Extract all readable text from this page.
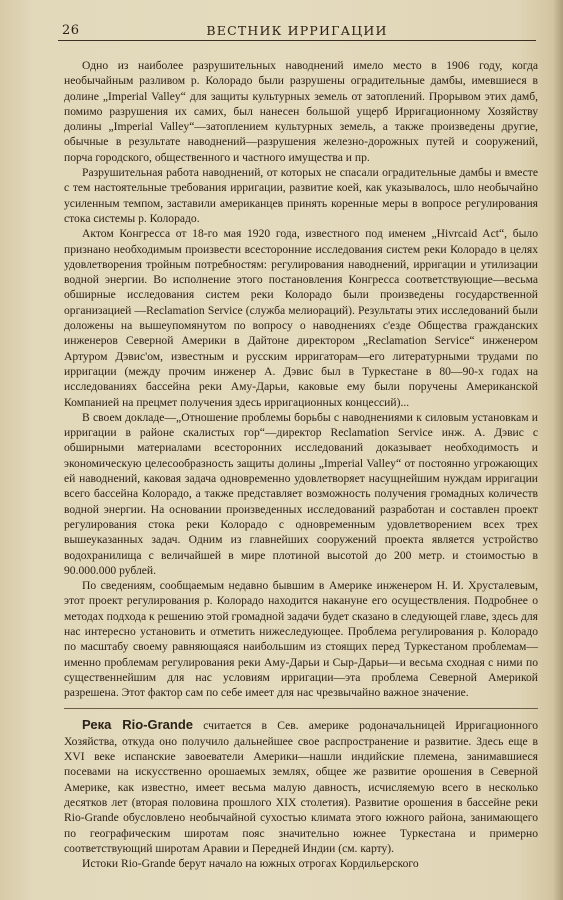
26	ВЕСТНИК ИРРИГАЦИИ

Одно из наиболее разрушительных наводнений имело место в 1906 году, когда необычайным разливом р. Колорадо были разрушены оградительные дамбы, имевшиеся в долине „Imperial Valley“ для защиты культурных земель от затоплений. Прорывом этих дамб, помимо разрушения их самих, был нанесен большой ущерб Ирригационному Хозяйству долины „Imperial Valley“—затоплением культурных земель, а также произведены другие, обычные в результате наводнений—разрушения железно-дорожных путей и сооружений, порча городского, общественного и частного имущества и пр.

Разрушительная работа наводнений, от которых не спасали оградительные дамбы и вместе с тем настоятельные требования ирригации, развитие коей, как указывалось, шло необычайно усиленным темпом, заставили американцев принять коренные меры в вопросе регулирования стока системы р. Колорадо.

Актом Конгресса от 18-го мая 1920 года, известного под именем „Hivrcaid Act“, было признано необходимым произвести всесторонние исследования систем реки Колорадо в целях удовлетворения тройным потребностям: регулирования наводнений, ирригации и утилизации водной энергии. Во исполнение этого постановления Конгресса соответствующие—весьма обширные исследования систем реки Колорадо были произведены государственной организацией —Reclamation Service (служба мелиораций). Результаты этих исследований были доложены на вышеупомянутом по вопросу о наводнениях с'езде Общества гражданских инженеров Северной Америки в Дайтоне директором „Reclamation Service“ инженером Артуром Дэвис'ом, известным и русским ирригаторам—его литературными трудами по ирригации (между прочим инженер А. Дэвис был в Туркестане в 80—90-х годах на исследованиях бассейна реки Аму-Дарьи, каковые ему были поручены Американской Компанией на прецмет получения здесь ирригационных концессий)...

В своем докладе—„Отношение проблемы борьбы с наводнениями к силовым установкам и ирригации в районе скалистых гор“—директор Reclamation Service инж. А. Дэвис с обширными материалами всесторонних исследований доказывает необходимость и экономическую целесообразность защиты долины „Imperial Valley“ от постоянно угрожающих ей наводнений, каковая задача одновременно удовлетворяет насущнейшим нуждам ирригации всего бассейна Колорадо, а также представляет возможность получения громадных количеств водной энергии. На основании произведенных исследований разработан и составлен проект регулирования стока реки Колорадо с одновременным удовлетворением всех трех вышеуказанных задач. Одним из главнейших сооружений проекта является устройство водохранилища с величайшей в мире плотиной высотой до 200 метр. и стоимостью в 90.000.000 рублей.

По сведениям, сообщаемым недавно бывшим в Америке инженером Н. И. Хрусталевым, этот проект регулирования р. Колорадо находится накануне его осуществления. Подробнее о методах подхода к решению этой громадной задачи будет сказано в следующей главе, здесь для нас интересно установить и отметить нижеследующее. Проблема регулирования р. Колорадо по масштабу своему равняющаяся наибольшим из стоящих перед Туркестаном проблемам—именно проблемам регулирования реки Аму-Дарьи и Сыр-Дарьи—и весьма сходная с ними по существеннейшим для нас условиям ирригации—эта проблема Северной Америкой разрешена. Этот фактор сам по себе имеет для нас чрезвычайно важное значение.

Река Rio-Grande считается в Сев. америке родоначальницей Ирригационного Хозяйства, откуда оно получило дальнейшее свое распространение и развитие. Здесь еще в XVI веке испанские завоеватели Америки—нашли индийские племена, занимавшиеся посевами на искусственно орошаемых землях, общее же развитие орошения в Северной Америке, как известно, имеет весьма малую давность, исчисляемую всего в несколько десятков лет (вторая половина прошлого XIX столетия). Развитие орошения в бассейне реки Rio-Grande обусловлено необычайной сухостью климата этого южного района, занимающего по географическим широтам пояс значительно южнее Туркестана и примерно соответствующий широтам Аравии и Передней Индии (см. карту).

Истоки Rio-Grande берут начало на южных отрогах Кордильерского
